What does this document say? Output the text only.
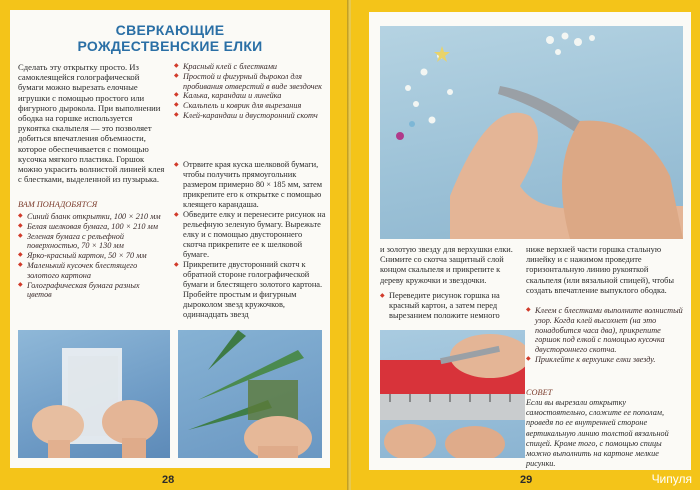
СВЕРКАЮЩИЕ
РОЖДЕСТВЕНСКИЕ ЕЛКИ
Сделать эту открытку просто. Из самоклеящейся голографической бумаги можно вырезать елочные игрушки с помощью простого или фигурного дырокола. При выполнении ободка на горшке используется рукоятка скальпеля — это позволяет добиться впечатления объемности, которое обеспечивается с помощью кусочка мягкого пластика. Горшок можно украсить волнистой линией клея с блестками, выделенной из пузырька.
ВАМ ПОНАДОБЯТСЯ
◆ Синий бланк открытки, 100 × 210 мм
◆ Белая шелковая бумага, 100 × 210 мм
◆ Зеленая бумага с рельефной поверхностью, 70 × 130 мм
◆ Ярко-красный картон, 50 × 70 мм
◆ Маленький кусочек блестящего золотого картона
◆ Голографическая бумага разных цветов
◆ Красный клей с блестками
◆ Простой и фигурный дырокол для пробивания отверстий в виде звездочек
◆ Калька, карандаш и линейка
◆ Скальпель и коврик для вырезания
◆ Клей-карандаш и двусторонний скотч
◆ Отрвите края куска шелковой бумаги, чтобы получить прямоугольник размером примерно 80 × 185 мм, затем прикрепите его к открытке с помощью клеящего карандаша.
◆ Обведите елку и перенесите рисунок на рельефную зеленую бумагу. Вырежьте елку и с помощью двустороннего скотча прикрепите ее к шелковой бумаге.
◆ Прикрепите двусторонний скотч к обратной стороне голографической бумаги и блестящего золотого картона. Пробейте простым и фигурным дыроколом звезд кружочков, одиннадцать звезд
28
и золотую звезду для верхушки елки. Снимите со скотча защитный слой концом скальпеля и прикрепите к дереву кружочки и звездочки.
◆ Переведите рисунок горшка на красный картон, а затем перед вырезанием положите немного
ниже верхней части горшка стальную линейку и с нажимом проведите горизонтальную линию рукояткой скальпеля (или вязальной спицей), чтобы создать впечатление выпуклого ободка.
◆ Клеем с блестками выполните волнистый узор. Когда клей высохнет (на это понадобится часа два), прикрепите горшок под елкой с помощью кусочка двустороннего скотча.
◆ Приклейте к верхушке елки звезду.
СОВЕТ
Если вы вырезали открытку самостоятельно, сложите ее пополам, проведя по ее внутренней стороне вертикальную линию толстой вязальной спицей. Кроме того, с помощью спицы можно выполнить на картоне мелкие рисунки.
29	Чипуля
